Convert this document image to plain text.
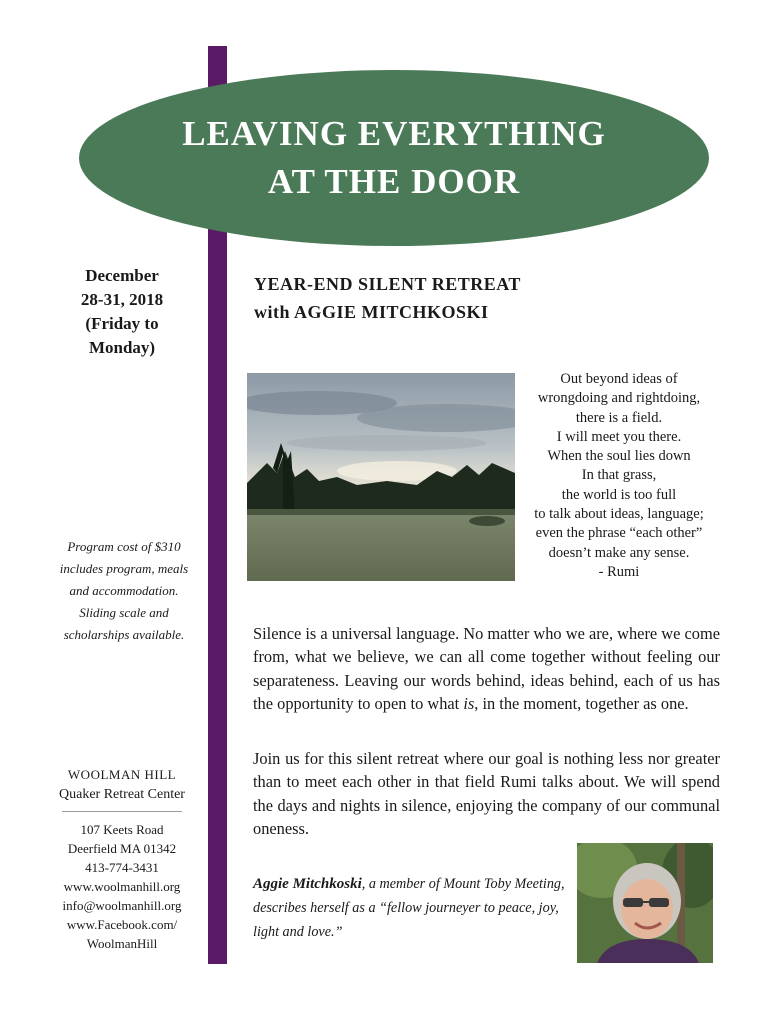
LEAVING EVERYTHING
AT THE DOOR
December
28-31, 2018
(Friday to
Monday)
Program cost of $310
includes program, meals
and accommodation.
Sliding scale and
scholarships available.
WOOLMAN HILL
Quaker Retreat Center
107 Keets Road
Deerfield MA 01342
413-774-3431
www.woolmanhill.org
info@woolmanhill.org
www.Facebook.com/
WoolmanHill
YEAR-END SILENT RETREAT
with AGGIE MITCHKOSKI
Out beyond ideas of
wrongdoing and rightdoing,
there is a field.
I will meet you there.
When the soul lies down
In that grass,
the world is too full
to talk about ideas, language;
even the phrase “each other”
doesn’t make any sense.
- Rumi

Silence is a universal language. No matter who we are, where we come from, what we believe, we can all come together without feeling our separateness. Leaving our words behind, ideas behind, each of us has the opportunity to open to what is, in the moment, together as one.

Join us for this silent retreat where our goal is nothing less nor greater than to meet each other in that field Rumi talks about. We will spend the days and nights in silence, enjoying the company of our communal oneness.

Aggie Mitchkoski, a member of Mount Toby Meeting, describes herself as a “fellow journeyer to peace, joy, light and love.”
